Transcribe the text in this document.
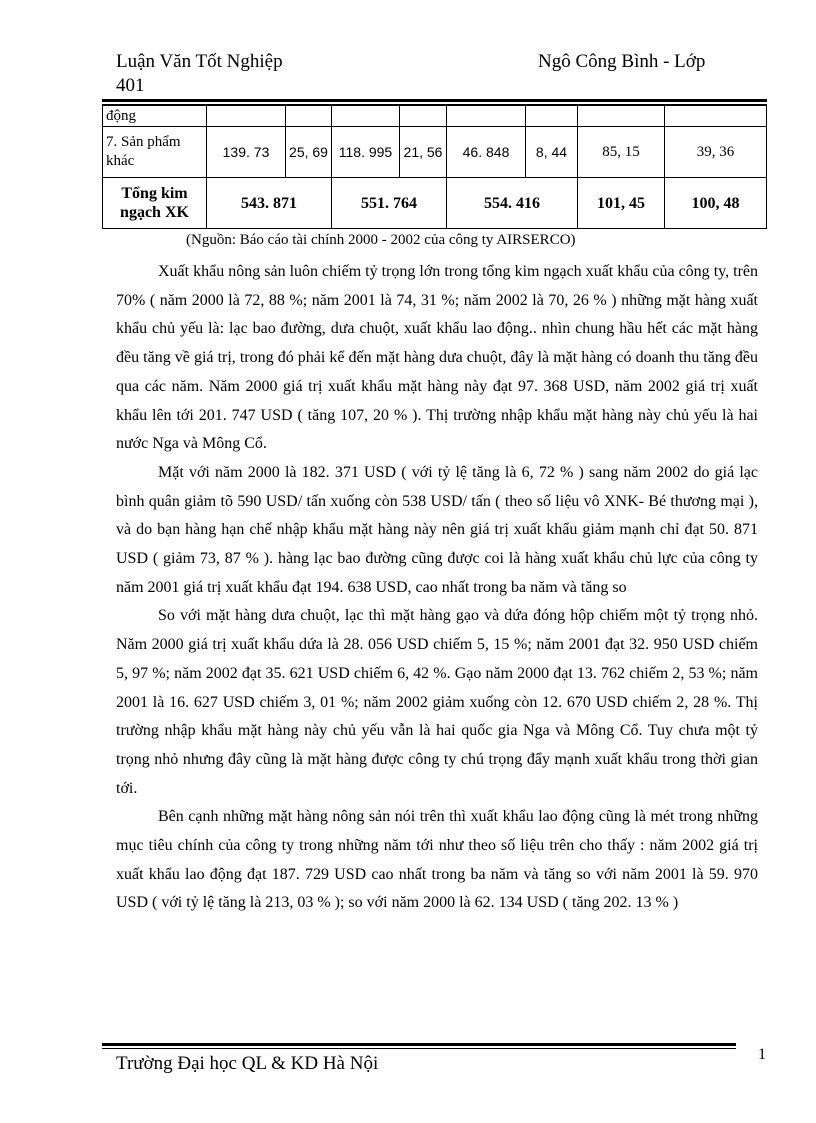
Luận Văn Tốt Nghiệp
401
Ngô Công Bình - Lớp
động								
7. Sản phẩm khác	139. 73	25, 69	118. 995	21, 56	46. 848	8, 44	85, 15	39, 36
Tổng kim ngạch XK	543. 871		551. 764		554. 416		101, 45	100, 48
(Nguồn: Báo cáo tài chính 2000 - 2002 của công ty AIRSERCO)

Xuất khẩu nông sản luôn chiếm tỷ trọng lớn trong tổng kim ngạch xuất khẩu của công ty, trên 70% ( năm 2000 là 72, 88 %; năm 2001 là 74, 31 %; năm 2002 là 70, 26 % ) những mặt hàng xuất khẩu chủ yếu là: lạc bao đường, dưa chuột, xuất khẩu lao động.. nhìn chung hầu hết các mặt hàng đều tăng về giá trị, trong đó phải kể đến mặt hàng dưa chuột, đây là mặt hàng có doanh thu tăng đều qua các năm. Năm 2000 giá trị xuất khẩu mặt hàng này đạt 97. 368 USD, năm 2002 giá trị xuất khẩu lên tới 201. 747 USD ( tăng 107, 20 % ). Thị trường nhập khẩu mặt hàng này chủ yếu là hai nước Nga và Mông Cổ.

Mặt với năm 2000 là 182. 371 USD ( với tỷ lệ tăng là 6, 72 % ) sang năm 2002 do giá lạc bình quân giảm tõ 590 USD/ tấn xuống còn 538 USD/ tấn ( theo số liệu vô XNK- Bé thương mại ), và do bạn hàng hạn chế nhập khẩu mặt hàng này nên giá trị xuất khẩu giảm mạnh chỉ đạt 50. 871 USD ( giảm 73, 87 % ). hàng lạc bao đường cũng được coi là hàng xuất khẩu chủ lực của công ty năm 2001 giá trị xuất khẩu đạt 194. 638 USD, cao nhất trong ba năm và tăng so

So với mặt hàng dưa chuột, lạc thì mặt hàng gạo và dứa đóng hộp chiếm một tỷ trọng nhỏ. Năm 2000 giá trị xuất khẩu dứa là 28. 056 USD chiếm 5, 15 %; năm 2001 đạt 32. 950 USD chiếm 5, 97 %; năm 2002 đạt 35. 621 USD chiếm 6, 42 %. Gạo năm 2000 đạt 13. 762 chiếm 2, 53 %; năm 2001 là 16. 627 USD chiếm 3, 01 %; năm 2002 giảm xuống còn 12. 670 USD chiếm 2, 28 %. Thị trường nhập khẩu mặt hàng này chủ yếu vẫn là hai quốc gia Nga và Mông Cổ. Tuy chưa một tỷ trọng nhỏ nhưng đây cũng là mặt hàng được công ty chú trọng đẩy mạnh xuất khẩu trong thời gian tới.

Bên cạnh những mặt hàng nông sản nói trên thì xuất khẩu lao động cũng là mét trong những mục tiêu chính của công ty trong những năm tới như theo số liệu trên cho thấy : năm 2002 giá trị xuất khẩu lao động đạt 187. 729 USD cao nhất trong ba năm và tăng so với năm 2001 là 59. 970 USD ( với tỷ lệ tăng là 213, 03 % ); so với năm 2000 là 62. 134 USD ( tăng 202. 13 % )

Trường Đại học QL & KD Hà Nội	1
